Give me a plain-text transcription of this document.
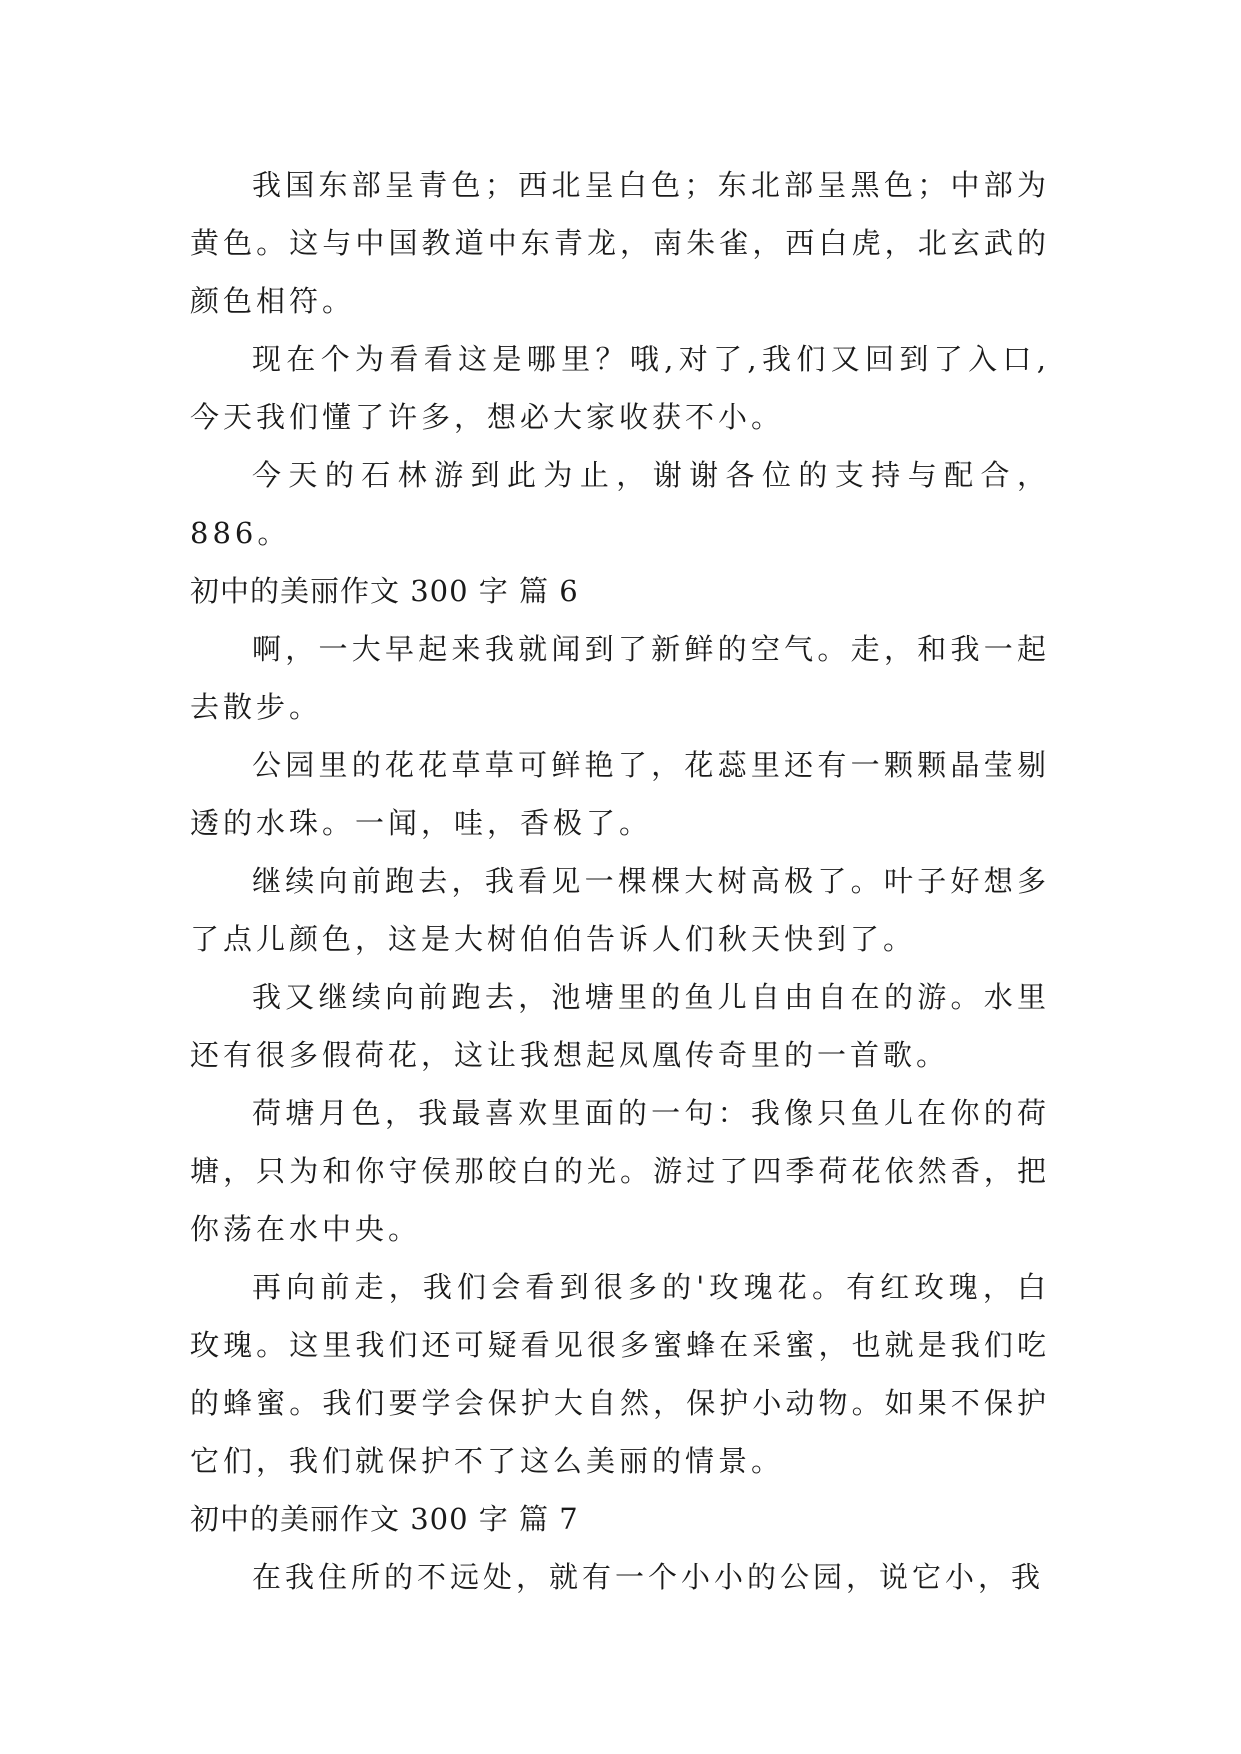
我国东部呈青色；西北呈白色；东北部呈黑色；中部为黄色。这与中国教道中东青龙，南朱雀，西白虎，北玄武的颜色相符。

现在个为看看这是哪里？哦,对了,我们又回到了入口,今天我们懂了许多，想必大家收获不小。

今天的石林游到此为止，谢谢各位的支持与配合，886。

初中的美丽作文 300 字 篇 6

啊，一大早起来我就闻到了新鲜的空气。走，和我一起去散步。

公园里的花花草草可鲜艳了，花蕊里还有一颗颗晶莹剔透的水珠。一闻，哇，香极了。

继续向前跑去，我看见一棵棵大树高极了。叶子好想多了点儿颜色，这是大树伯伯告诉人们秋天快到了。

我又继续向前跑去，池塘里的鱼儿自由自在的游。水里还有很多假荷花，这让我想起凤凰传奇里的一首歌。

荷塘月色，我最喜欢里面的一句：我像只鱼儿在你的荷塘，只为和你守侯那皎白的光。游过了四季荷花依然香，把你荡在水中央。

再向前走，我们会看到很多的'玫瑰花。有红玫瑰，白玫瑰。这里我们还可疑看见很多蜜蜂在采蜜，也就是我们吃的蜂蜜。我们要学会保护大自然，保护小动物。如果不保护它们，我们就保护不了这么美丽的情景。

初中的美丽作文 300 字 篇 7

在我住所的不远处，就有一个小小的公园，说它小，我
